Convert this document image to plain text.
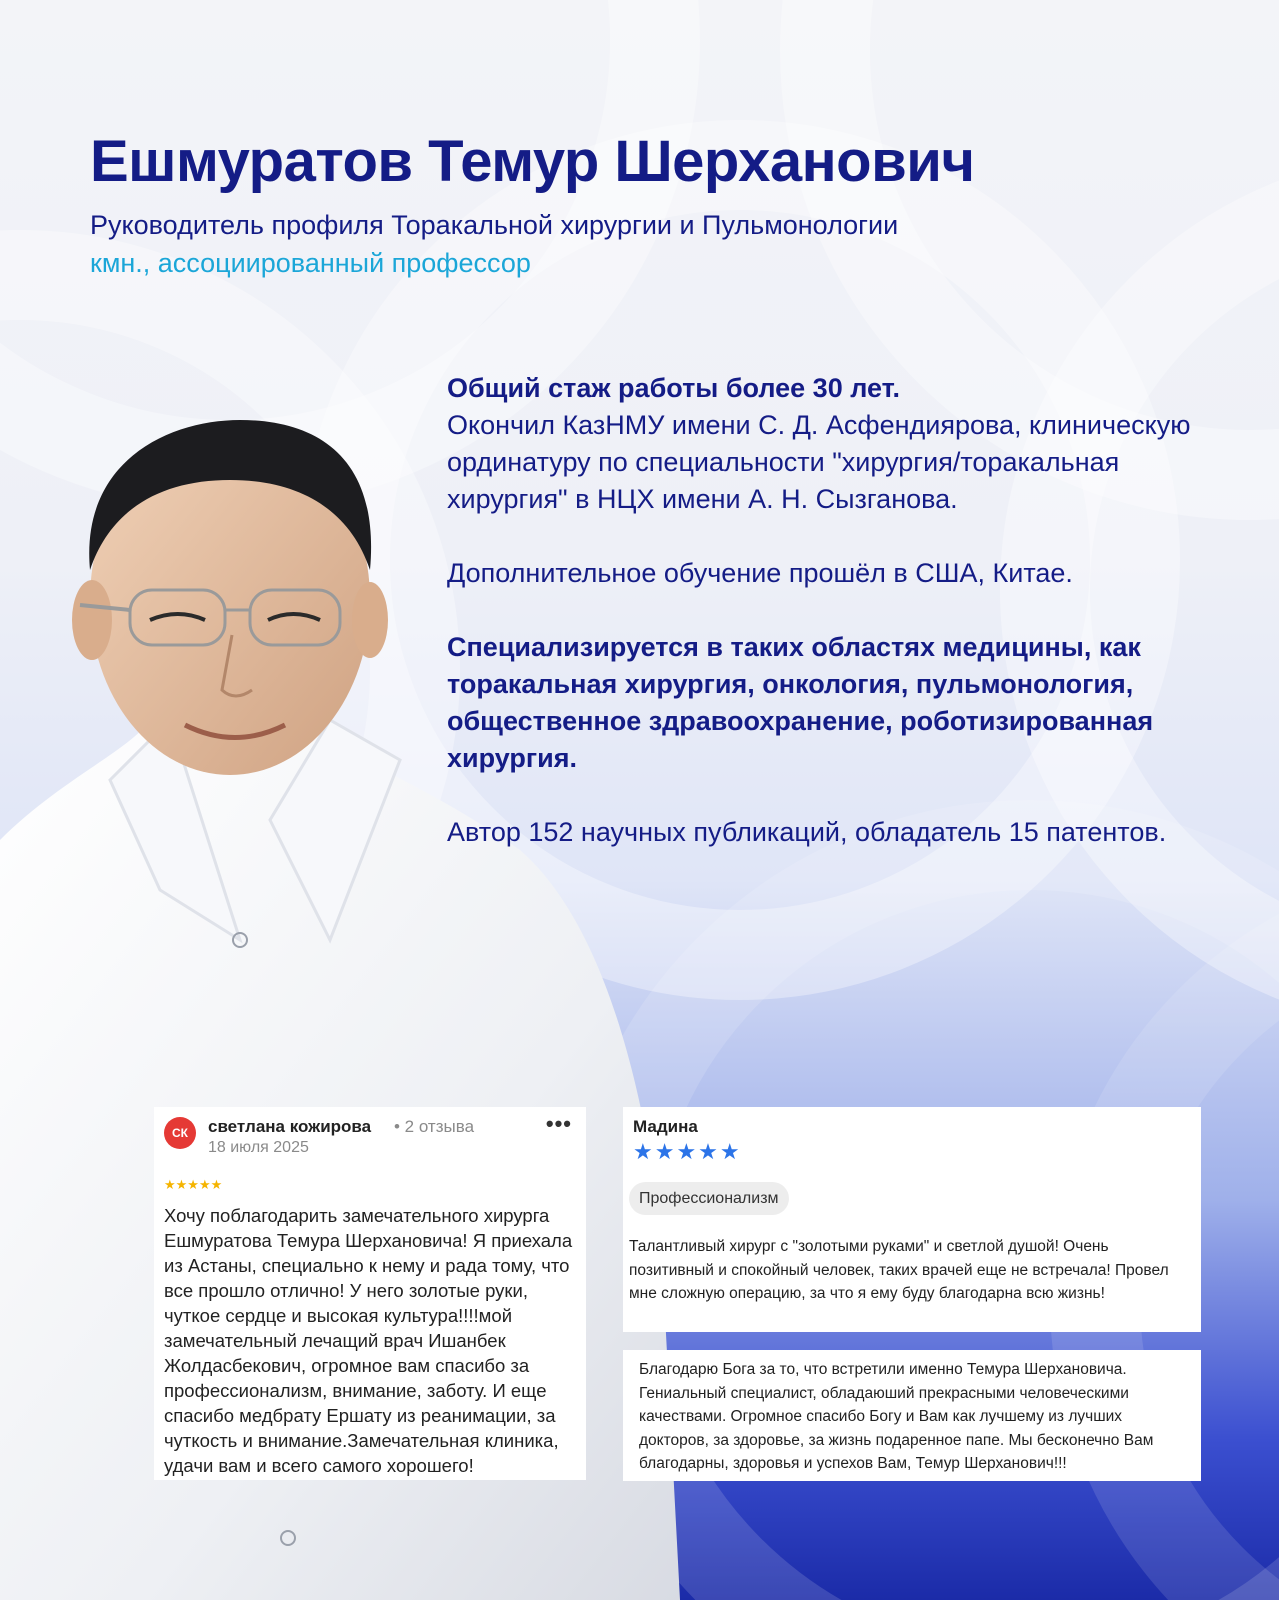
Ешмуратов Темур Шерханович
Руководитель профиля Торакальной хирургии и Пульмонологии
кмн., ассоциированный профессор

Общий стаж работы более 30 лет.
Окончил КазНМУ имени С. Д. Асфендиярова, клиническую ординатуру по специальности "хирургия/торакальная хирургия" в НЦХ имени А. Н. Сызганова.

Дополнительное обучение прошёл в США, Китае.

Специализируется в таких областях медицины, как торакальная хирургия, онкология, пульмонология, общественное здравоохранение, роботизированная хирургия.

Автор 152 научных публикаций, обладатель 15 патентов.

СК	светлана кожирова • 2 отзыва
18 июля 2025
•••
★★★★★
Хочу поблагодарить замечательного хирурга Ешмуратова Темура Шерхановича! Я приехала из Астаны, специально к нему и рада тому, что все прошло отлично! У него золотые руки, чуткое сердце и высокая культура!!!!мой замечательный лечащий врач Ишанбек Жолдасбекович, огромное вам спасибо за профессионализм, внимание, заботу. И еще спасибо медбрату Ершату из реанимации, за чуткость и внимание.Замечательная клиника, удачи вам и всего самого хорошего!
Мадина
★★★★★
Профессионализм
Талантливый хирург с "золотыми руками" и светлой душой! Очень позитивный и спокойный человек, таких врачей еще не встречала! Провел мне сложную операцию, за что я ему буду благодарна всю жизнь!
Благодарю Бога за то, что встретили именно Темура Шерхановича. Гениальный специалист, обладаюший прекрасными человеческими качествами. Огромное спасибо Богу и Вам как лучшему из лучших докторов, за здоровье, за жизнь подаренное папе. Мы бесконечно Вам благодарны, здоровья и успехов Вам, Темур Шерханович!!!
